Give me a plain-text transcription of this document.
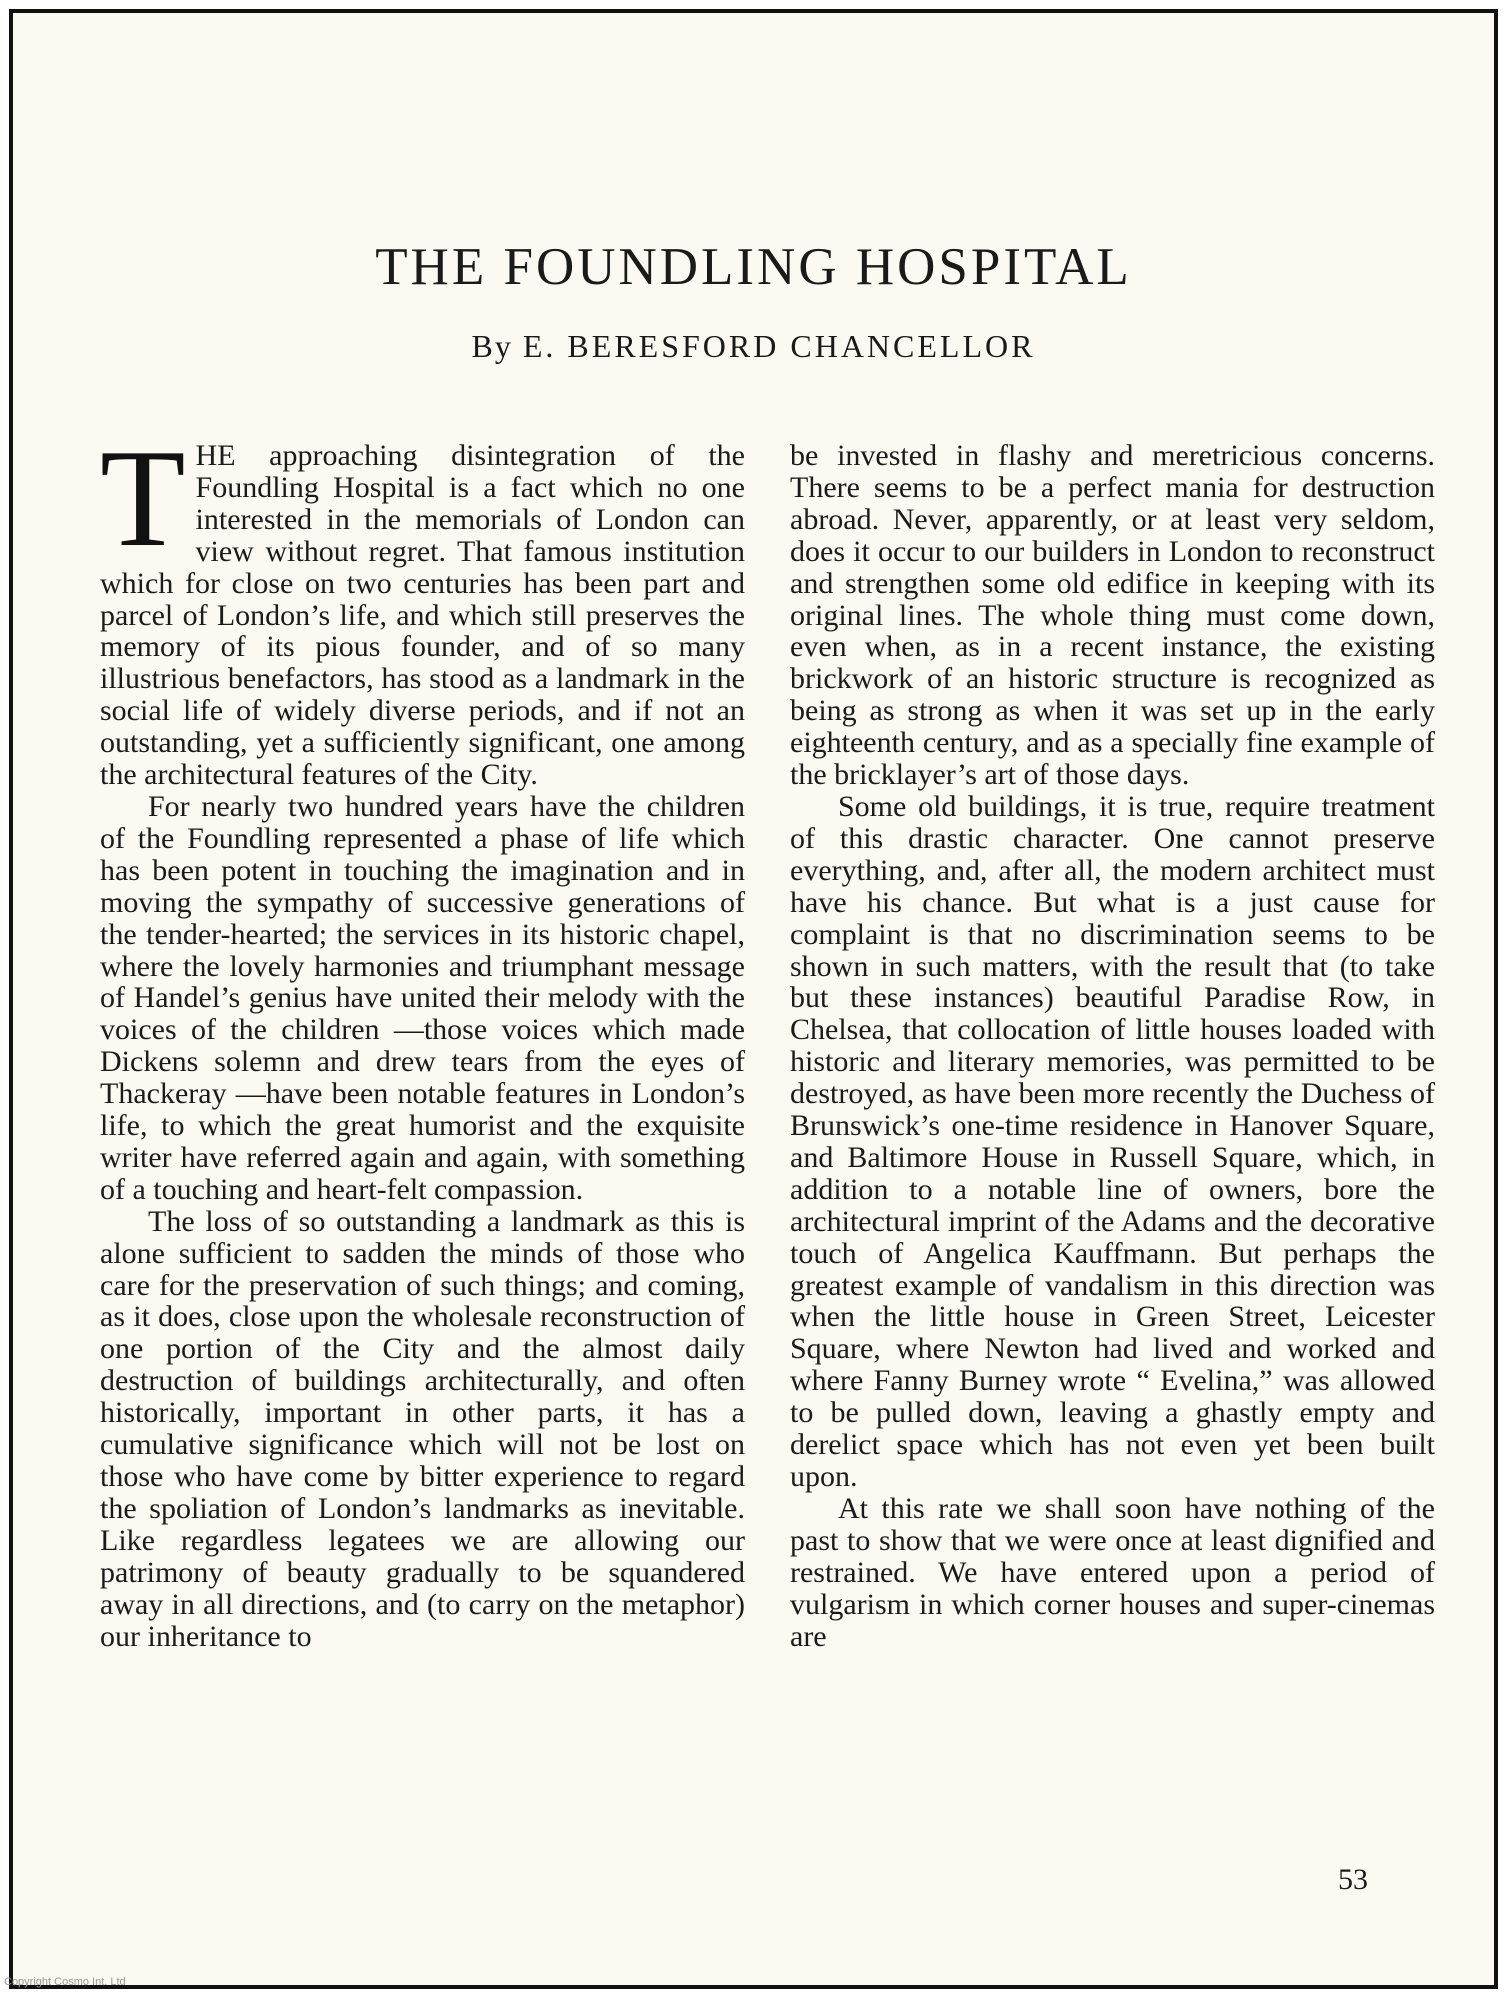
THE FOUNDLING HOSPITAL
By E. BERESFORD CHANCELLOR
T HE approaching disintegration of the Foundling Hospital is a fact which no one interested in the memorials of London can view without regret. That famous institution which for close on two centuries has been part and parcel of London’s life, and which still preserves the memory of its pious founder, and of so many illustrious benefactors, has stood as a landmark in the social life of widely diverse periods, and if not an outstanding, yet a sufficiently significant, one among the architectural features of the City.

For nearly two hundred years have the children of the Foundling represented a phase of life which has been potent in touching the imagination and in moving the sympathy of successive generations of the tender-hearted; the services in its historic chapel, where the lovely harmonies and triumphant message of Handel’s genius have united their melody with the voices of the children —those voices which made Dickens solemn and drew tears from the eyes of Thackeray —have been notable features in London’s life, to which the great humorist and the exquisite writer have referred again and again, with something of a touching and heart-felt compassion.

The loss of so outstanding a landmark as this is alone sufficient to sadden the minds of those who care for the preservation of such things; and coming, as it does, close upon the wholesale reconstruction of one portion of the City and the almost daily destruction of buildings architecturally, and often historically, important in other parts, it has a cumulative significance which will not be lost on those who have come by bitter experience to regard the spoliation of London’s landmarks as inevitable. Like regardless legatees we are allowing our patrimony of beauty gradually to be squandered away in all directions, and (to carry on the metaphor) our inheritance to

be invested in flashy and meretricious concerns. There seems to be a perfect mania for destruction abroad. Never, apparently, or at least very seldom, does it occur to our builders in London to reconstruct and strengthen some old edifice in keeping with its original lines. The whole thing must come down, even when, as in a recent instance, the existing brickwork of an historic structure is recognized as being as strong as when it was set up in the early eighteenth century, and as a specially fine example of the bricklayer’s art of those days.

Some old buildings, it is true, require treatment of this drastic character. One cannot preserve everything, and, after all, the modern architect must have his chance. But what is a just cause for complaint is that no discrimination seems to be shown in such matters, with the result that (to take but these instances) beautiful Paradise Row, in Chelsea, that collocation of little houses loaded with historic and literary memories, was permitted to be destroyed, as have been more recently the Duchess of Brunswick’s one-time residence in Hanover Square, and Baltimore House in Russell Square, which, in addition to a notable line of owners, bore the architectural imprint of the Adams and the decorative touch of Angelica Kauffmann. But perhaps the greatest example of vandalism in this direction was when the little house in Green Street, Leicester Square, where Newton had lived and worked and where Fanny Burney wrote “ Evelina,” was allowed to be pulled down, leaving a ghastly empty and derelict space which has not even yet been built upon.

At this rate we shall soon have nothing of the past to show that we were once at least dignified and restrained. We have entered upon a period of vulgarism in which corner houses and super-cinemas are

53
Copyright Cosmo Int. Ltd
